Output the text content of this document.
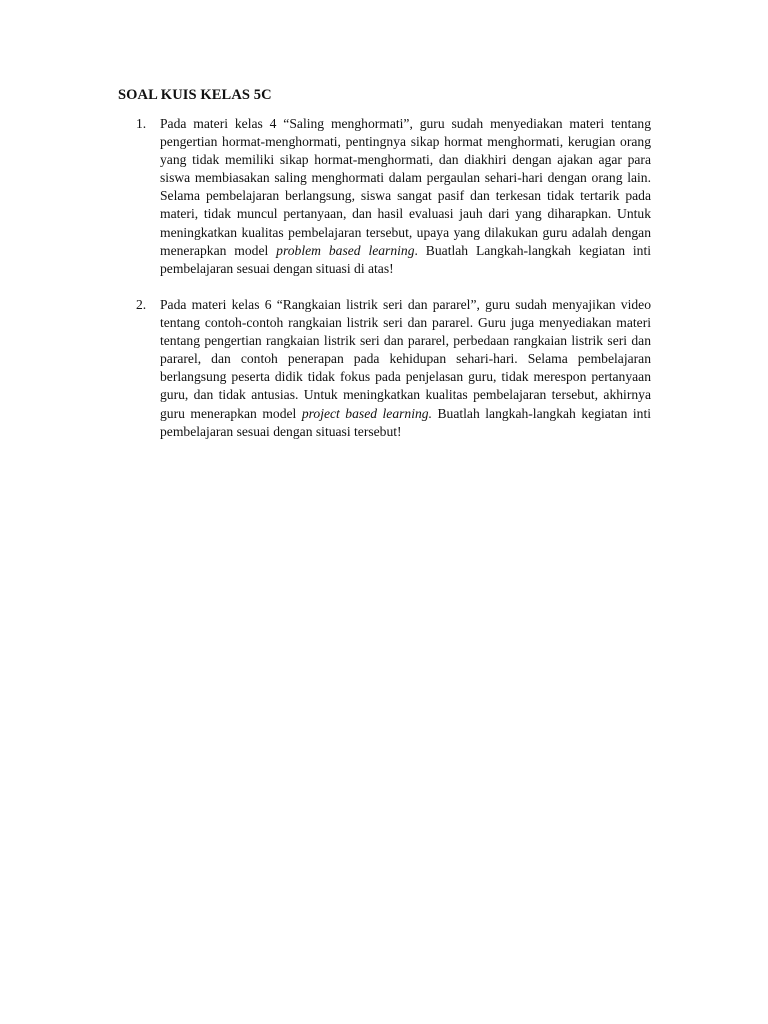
SOAL KUIS KELAS 5C
1.	Pada materi kelas 4 “Saling menghormati”, guru sudah menyediakan materi tentang pengertian hormat-menghormati, pentingnya sikap hormat menghormati, kerugian orang yang tidak memiliki sikap hormat-menghormati, dan diakhiri dengan ajakan agar para siswa membiasakan saling menghormati dalam pergaulan sehari-hari dengan orang lain. Selama pembelajaran berlangsung, siswa sangat pasif dan terkesan tidak tertarik pada materi, tidak muncul pertanyaan, dan hasil evaluasi jauh dari yang diharapkan. Untuk meningkatkan kualitas pembelajaran tersebut, upaya yang dilakukan guru adalah dengan menerapkan model problem based learning. Buatlah Langkah-langkah kegiatan inti pembelajaran sesuai dengan situasi di atas!
2.	Pada materi kelas 6 “Rangkaian listrik seri dan pararel”, guru sudah menyajikan video tentang contoh-contoh rangkaian listrik seri dan pararel. Guru juga menyediakan materi tentang pengertian rangkaian listrik seri dan pararel, perbedaan rangkaian listrik seri dan pararel, dan contoh penerapan pada kehidupan sehari-hari. Selama pembelajaran berlangsung peserta didik tidak fokus pada penjelasan guru, tidak merespon pertanyaan guru, dan tidak antusias. Untuk meningkatkan kualitas pembelajaran tersebut, akhirnya guru menerapkan model project based learning. Buatlah langkah-langkah kegiatan inti pembelajaran sesuai dengan situasi tersebut!
